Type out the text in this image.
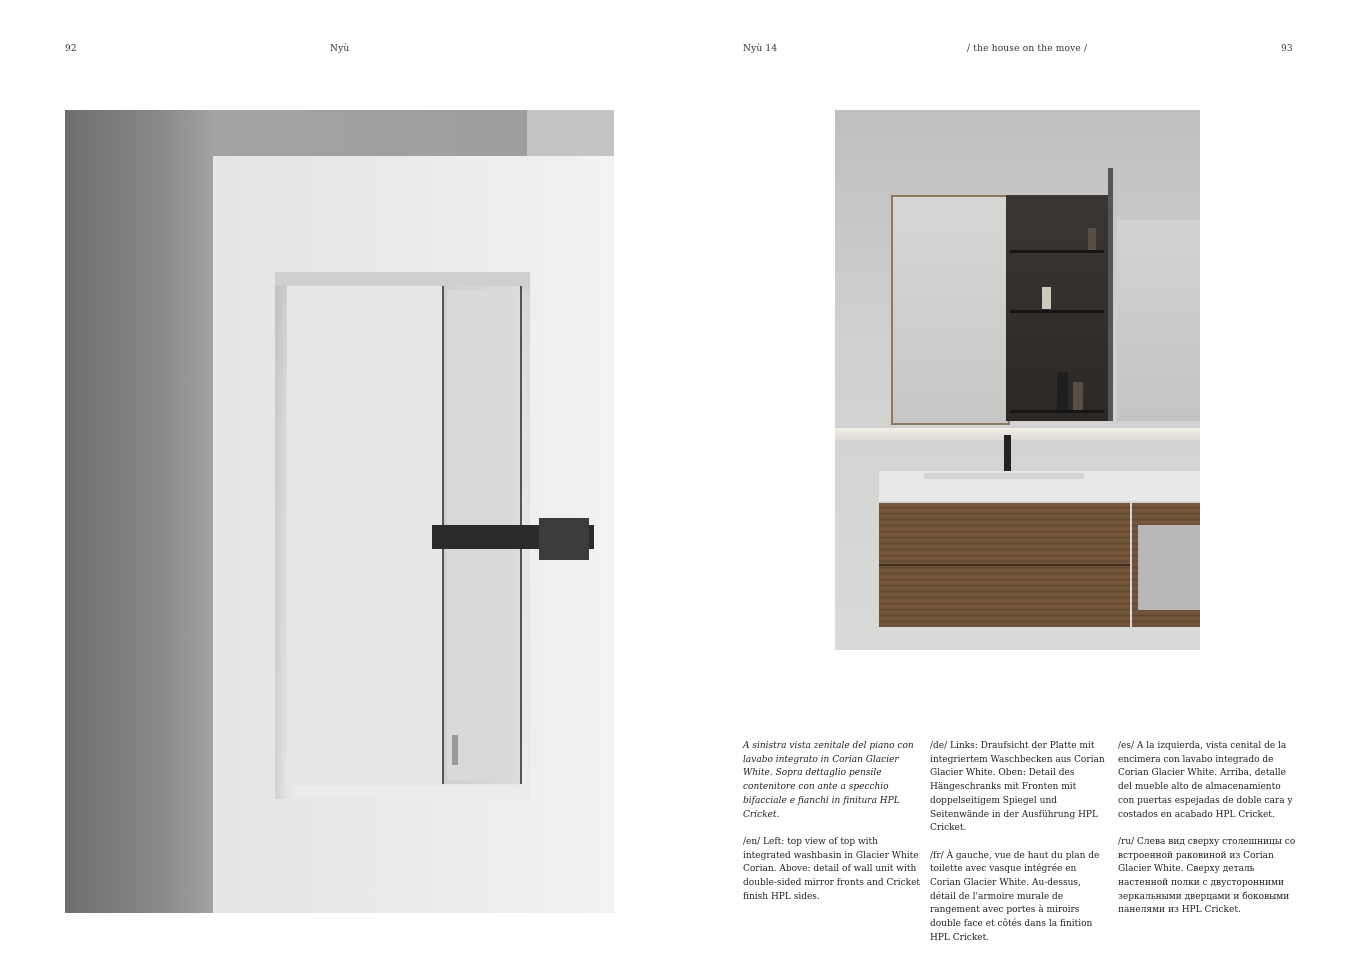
92	Nyù	Nyù 14	/ the house on the move /	93

A sinistra vista zenitale del piano con lavabo integrato in Corian Glacier White. Sopra dettaglio pensile contenitore con ante a specchio bifacciale e fianchi in finitura HPL Cricket.

/en/ Left: top view of top with integrated washbasin in Glacier White Corian. Above: detail of wall unit with double-sided mirror fronts and Cricket finish HPL sides.

/de/ Links: Draufsicht der Platte mit integriertem Waschbecken aus Corian Glacier White. Oben: Detail des Hängeschranks mit Fronten mit doppelseitigem Spiegel und Seitenwände in der Ausführung HPL Cricket.

/fr/ À gauche, vue de haut du plan de toilette avec vasque intégrée en Corian Glacier White. Au-dessus, détail de l'armoire murale de rangement avec portes à miroirs double face et côtés dans la finition HPL Cricket.

/es/ A la izquierda, vista cenital de la encimera con lavabo integrado de Corian Glacier White. Arriba, detalle del mueble alto de almacenamiento con puertas espejadas de doble cara y costados en acabado HPL Cricket.

/ru/ Слева вид сверху столешницы со встроенной раковиной из Corian Glacier White. Сверху деталь настенной полки с двусторонними зеркальными дверцами и боковыми панелями из HPL Cricket.
